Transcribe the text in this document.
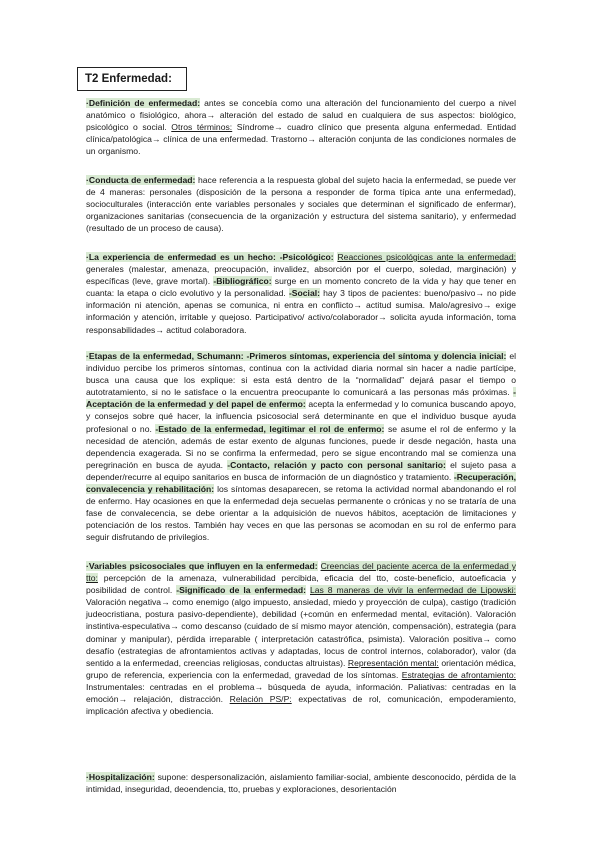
T2 Enfermedad:
·Definición de enfermedad: antes se concebía como una alteración del funcionamiento del cuerpo a nivel anatómico o fisiológico, ahora→ alteración del estado de salud en cualquiera de sus aspectos: biológico, psicológico o social. Otros términos: Síndrome→ cuadro clínico que presenta alguna enfermedad. Entidad clínica/patológica→ clínica de una enfermedad. Trastorno→ alteración conjunta de las condiciones normales de un organismo.
·Conducta de enfermedad: hace referencia a la respuesta global del sujeto hacia la enfermedad, se puede ver de 4 maneras: personales (disposición de la persona a responder de forma típica ante una enfermedad), socioculturales (interacción ente variables personales y sociales que determinan el significado de enfermar), organizaciones sanitarias (consecuencia de la organización y estructura del sistema sanitario), y enfermedad (resultado de un proceso de causa).
·La experiencia de enfermedad es un hecho: -Psicológico: Reacciones psicológicas ante la enfermedad: generales (malestar, amenaza, preocupación, invalidez, absorción por el cuerpo, soledad, marginación) y específicas (leve, grave mortal). -Bibliográfico: surge en un momento concreto de la vida y hay que tener en cuanta: la etapa o ciclo evolutivo y la personalidad. -Social: hay 3 tipos de pacientes: bueno/pasivo→ no pide información ni atención, apenas se comunica, ni entra en conflicto→ actitud sumisa. Malo/agresivo→ exige información y atención, irritable y quejoso. Participativo/ activo/colaborador→ solicita ayuda información, toma responsabilidades→ actitud colaboradora.
·Etapas de la enfermedad, Schumann: -Primeros síntomas, experiencia del síntoma y dolencia inicial: el individuo percibe los primeros síntomas, continua con la actividad diaria normal sin hacer a nadie partícipe, busca una causa que los explique: si esta está dentro de la “normalidad” dejará pasar el tiempo o autotratamiento, si no le satisface o la encuentra preocupante lo comunicará a las personas más próximas. -Aceptación de la enfermedad y del papel de enfermo: acepta la enfermedad y lo comunica buscando apoyo, y consejos sobre qué hacer, la influencia psicosocial será determinante en que el individuo busque ayuda profesional o no. -Estado de la enfermedad, legitimar el rol de enfermo: se asume el rol de enfermo y la necesidad de atención, además de estar exento de algunas funciones, puede ir desde negación, hasta una dependencia exagerada. Si no se confirma la enfermedad, pero se sigue encontrando mal se comienza una peregrinación en busca de ayuda. -Contacto, relación y pacto con personal sanitario: el sujeto pasa a depender/recurre al equipo sanitarios en busca de información de un diagnóstico y tratamiento. -Recuperación, convalecencia y rehabilitación: los síntomas desaparecen, se retoma la actividad normal abandonando el rol de enfermo. Hay ocasiones en que la enfermedad deja secuelas permanente o crónicas y no se trataría de una fase de convalecencia, se debe orientar a la adquisición de nuevos hábitos, aceptación de limitaciones y potenciación de los restos. También hay veces en que las personas se acomodan en su rol de enfermo para seguir disfrutando de privilegios.
·Variables psicosociales que influyen en la enfermedad: Creencias del paciente acerca de la enfermedad y tto: percepción de la amenaza, vulnerabilidad percibida, eficacia del tto, coste-beneficio, autoeficacia y posibilidad de control. -Significado de la enfermedad: Las 8 maneras de vivir la enfermedad de Lipowski: Valoración negativa→ como enemigo (algo impuesto, ansiedad, miedo y proyección de culpa), castigo (tradición judeocristiana, postura pasivo-dependiente), debilidad (+común en enfermedad mental, evitación). Valoración instintiva-especulativa→ como descanso (cuidado de sí mismo mayor atención, compensación), estrategia (para dominar y manipular), pérdida irreparable ( interpretación catastrófica, psimista). Valoración positiva→ como desafío (estrategias de afrontamientos activas y adaptadas, locus de control internos, colaborador), valor (da sentido a la enfermedad, creencias religiosas, conductas altruistas). Representación mental: orientación médica, grupo de referencia, experiencia con la enfermedad, gravedad de los síntomas. Estrategias de afrontamiento: Instrumentales: centradas en el problema→ búsqueda de ayuda, información. Paliativas: centradas en la emoción→ relajación, distracción. Relación PS/P: expectativas de rol, comunicación, empoderamiento, implicación afectiva y obediencia.
·Hospitalización: supone: despersonalización, aislamiento familiar-social, ambiente desconocido, pérdida de la intimidad, inseguridad, deoendencia, tto, pruebas y exploraciones, desorientación
